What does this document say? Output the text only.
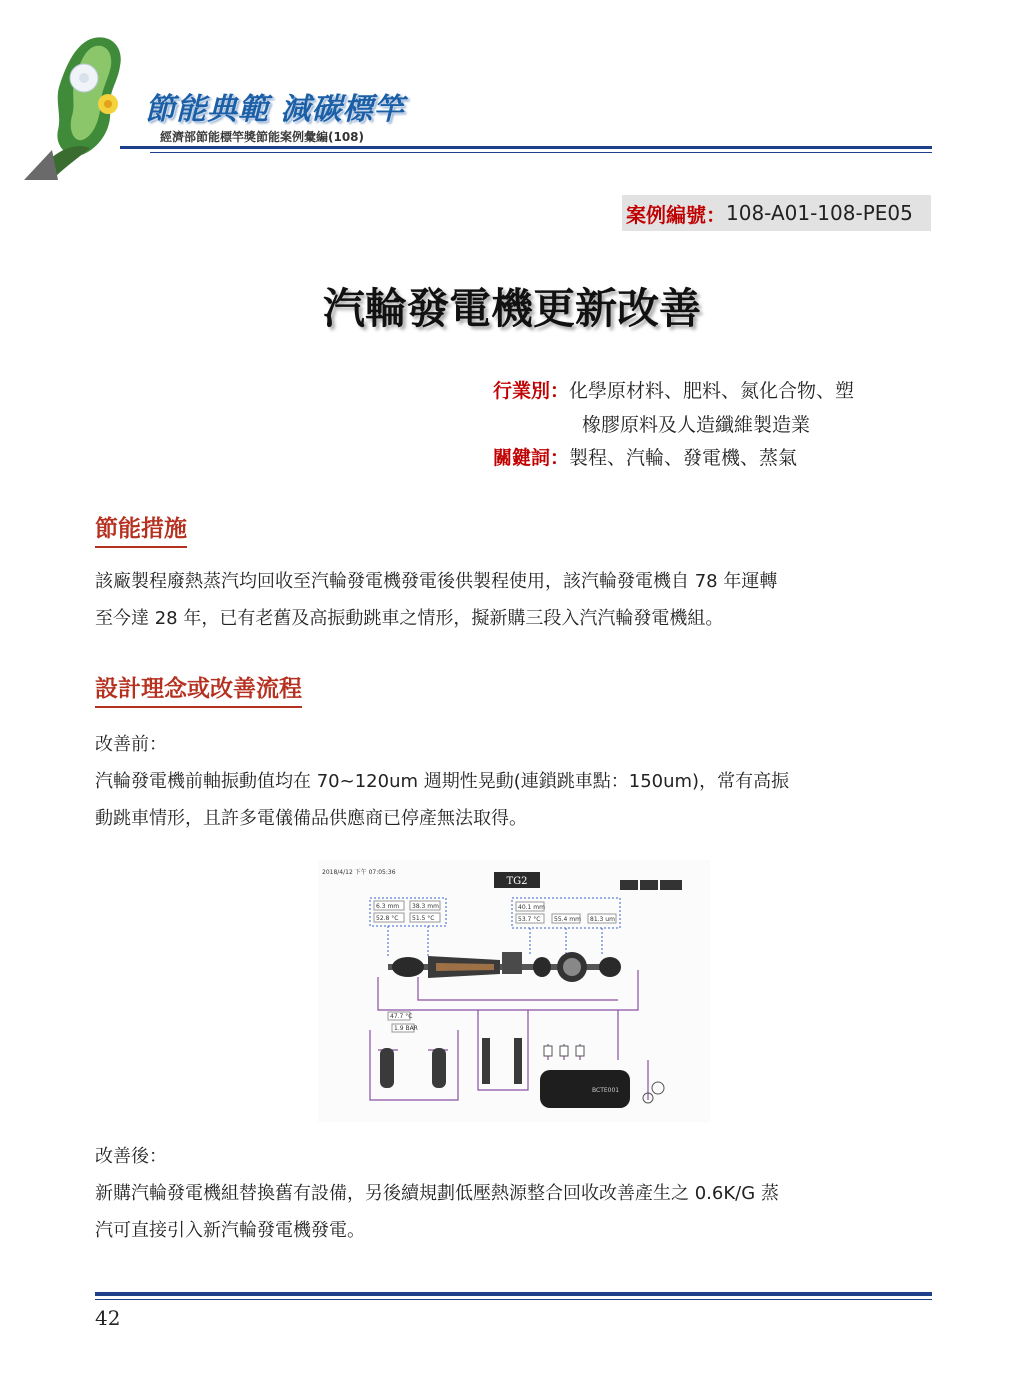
節能典範 減碳標竿
經濟部節能標竿獎節能案例彙編(108)
案例編號： 108-A01-108-PE05
汽輪發電機更新改善
行業別：化學原材料、肥料、氮化合物、塑
橡膠原料及人造纖維製造業
關鍵詞：製程、汽輪、發電機、蒸氣
節能措施
該廠製程廢熱蒸汽均回收至汽輪發電機發電後供製程使用，該汽輪發電機自 78 年運轉
至今達 28 年，已有老舊及高振動跳車之情形，擬新購三段入汽汽輪發電機組。
設計理念或改善流程
改善前：
汽輪發電機前軸振動值均在 70~120um 週期性晃動(連鎖跳車點：150um)，常有高振
動跳車情形，且許多電儀備品供應商已停產無法取得。
2018/4/12 下午 07:05:36
TG2
6.3 mm 38.3 mm
52.8 °C 51.5 °C
40.1 mm
53.7 °C 55.4 mm 81.3 um
BCTE001
47.7 °C
1.9 BAR
改善後：
新購汽輪發電機組替換舊有設備，另後續規劃低壓熱源整合回收改善產生之 0.6K/G 蒸
汽可直接引入新汽輪發電機發電。
42
